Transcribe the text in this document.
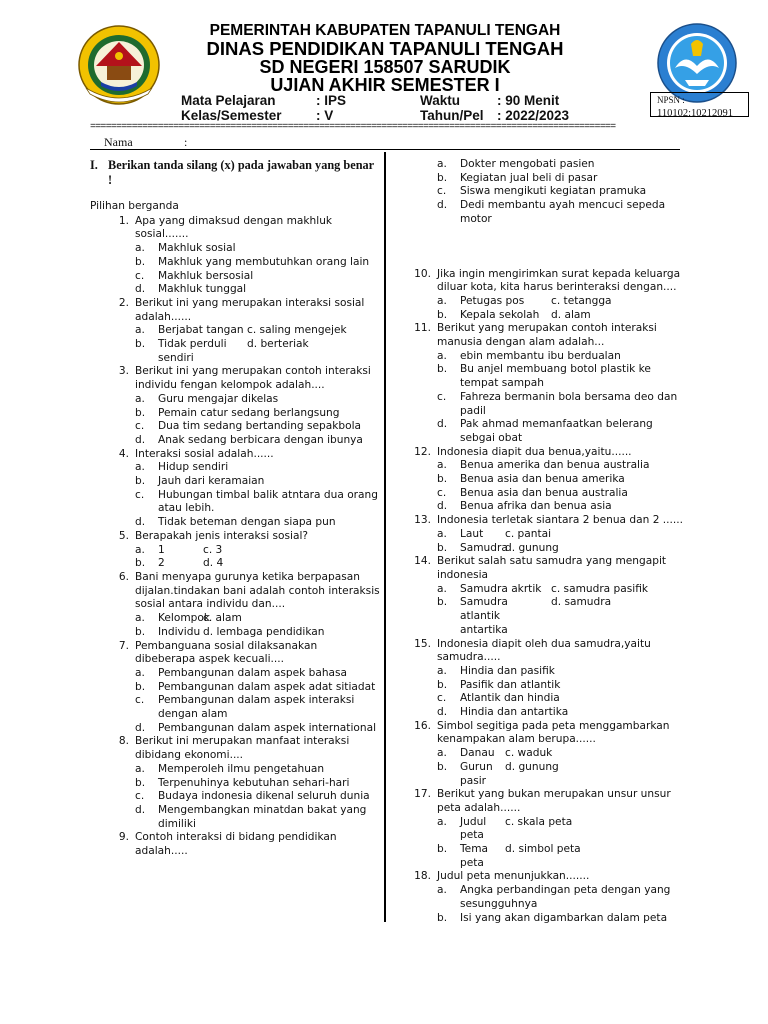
PEMERINTAH KABUPATEN TAPANULI TENGAH
DINAS PENDIDIKAN TAPANULI TENGAH
SD NEGERI 158507 SARUDIK
UJIAN AKHIR SEMESTER I
Mata Pelajaran	: IPS
Kelas/Semester	: V
Waktu	: 90 Menit
Tahun/Pel : 2022/2023
NPSN :
110102:10212091
=====================================================================================================
Nama	:
I. Berikan tanda silang (x) pada jawaban yang benar !
Pilihan berganda
1. Apa yang dimaksud dengan makhluk sosial.......
a.	Makhluk sosial
b.	Makhluk yang membutuhkan orang lain
c.	Makhluk bersosial
d.	Makhluk tunggal
2. Berikut ini yang merupakan interaksi sosial adalah......
a.	Berjabat tangan c. saling mengejek
b.	Tidak perduli sendiri
d. berteriak
3. Berikut ini yang merupakan contoh interaksi individu fengan kelompok adalah....
a.	Guru mengajar dikelas
b.	Pemain catur sedang berlangsung
c.	Dua tim sedang bertanding sepakbola
d.	Anak sedang berbicara dengan ibunya
4. Interaksi sosial adalah......
a.	Hidup sendiri
b.	Jauh dari keramaian
c.	Hubungan timbal balik atntara dua orang atau lebih.
d.	Tidak beteman dengan siapa pun
5. Berapakah jenis interaksi sosial?
a.	1	c. 3
b.	2	d. 4
6. Bani menyapa gurunya ketika berpapasan dijalan.tindakan bani adalah contoh interaksis sosial antara individu dan....
a.	Kelompok
c. alam
b.	Individu d. lembaga pendidikan
7. Pembanguana sosial dilaksanakan dibeberapa aspek kecuali....
a.	Pembangunan dalam aspek bahasa
b.	Pembangunan dalam aspek adat sitiadat
c.	Pembangunan dalam aspek interaksi dengan alam
d.	Pembangunan dalam aspek international
8. Berikut ini merupakan manfaat interaksi dibidang ekonomi....
a.	Memperoleh ilmu pengetahuan
b.	Terpenuhinya kebutuhan sehari-hari
c.	Budaya indonesia dikenal seluruh dunia
d.	Mengembangkan minatdan bakat yang dimiliki
9. Contoh interaksi di bidang pendidikan adalah.....
a.	Dokter mengobati pasien
b.	Kegiatan jual beli di pasar
c.	Siswa mengikuti kegiatan pramuka
d.	Dedi membantu ayah mencuci sepeda motor
10. Jika ingin mengirimkan surat kepada keluarga diluar kota, kita harus berinteraksi dengan....
a.	Petugas pos	c. tetangga
b.	Kepala sekolah d. alam
11. Berikut yang merupakan contoh interaksi manusia dengan alam adalah...
a.	ebin membantu ibu berdualan
b.	Bu anjel membuang botol plastik ke tempat sampah
c.	Fahreza bermanin bola bersama deo dan padil
d.	Pak ahmad memanfaatkan belerang sebgai obat
12. Indonesia diapit dua benua,yaitu......
a.	Benua amerika dan benua australia
b.	Benua asia dan benua amerika
c.	Benua asia dan benua australia
d.	Benua afrika dan benua asia
13. Indonesia terletak siantara 2 benua dan 2 ......
a.	Laut c. pantai
b.	Samudra
d. gunung
14. Berikut salah satu samudra yang mengapit indonesia
a.	Samudra akrtik c. samudra pasifik
b.	Samudra atlantik antartika
d. samudra
15. Indonesia diapit oleh dua samudra,yaitu samudra.....
a.	Hindia dan pasifik
b.	Pasifik dan atlantik
c.	Atlantik dan hindia
d.	Hindia dan antartika
16. Simbol segitiga pada peta menggambarkan kenampakan alam berupa......
a.	Danau c. waduk
b.	Gurun pasir
d. gunung
17. Berikut yang bukan merupakan unsur unsur peta adalah......
a.	Judul peta
c. skala peta
b.	Tema peta
d. simbol peta
18. Judul peta menunjukkan.......
a.	Angka perbandingan peta dengan yang sesungguhnya
b.	Isi yang akan digambarkan dalam peta
